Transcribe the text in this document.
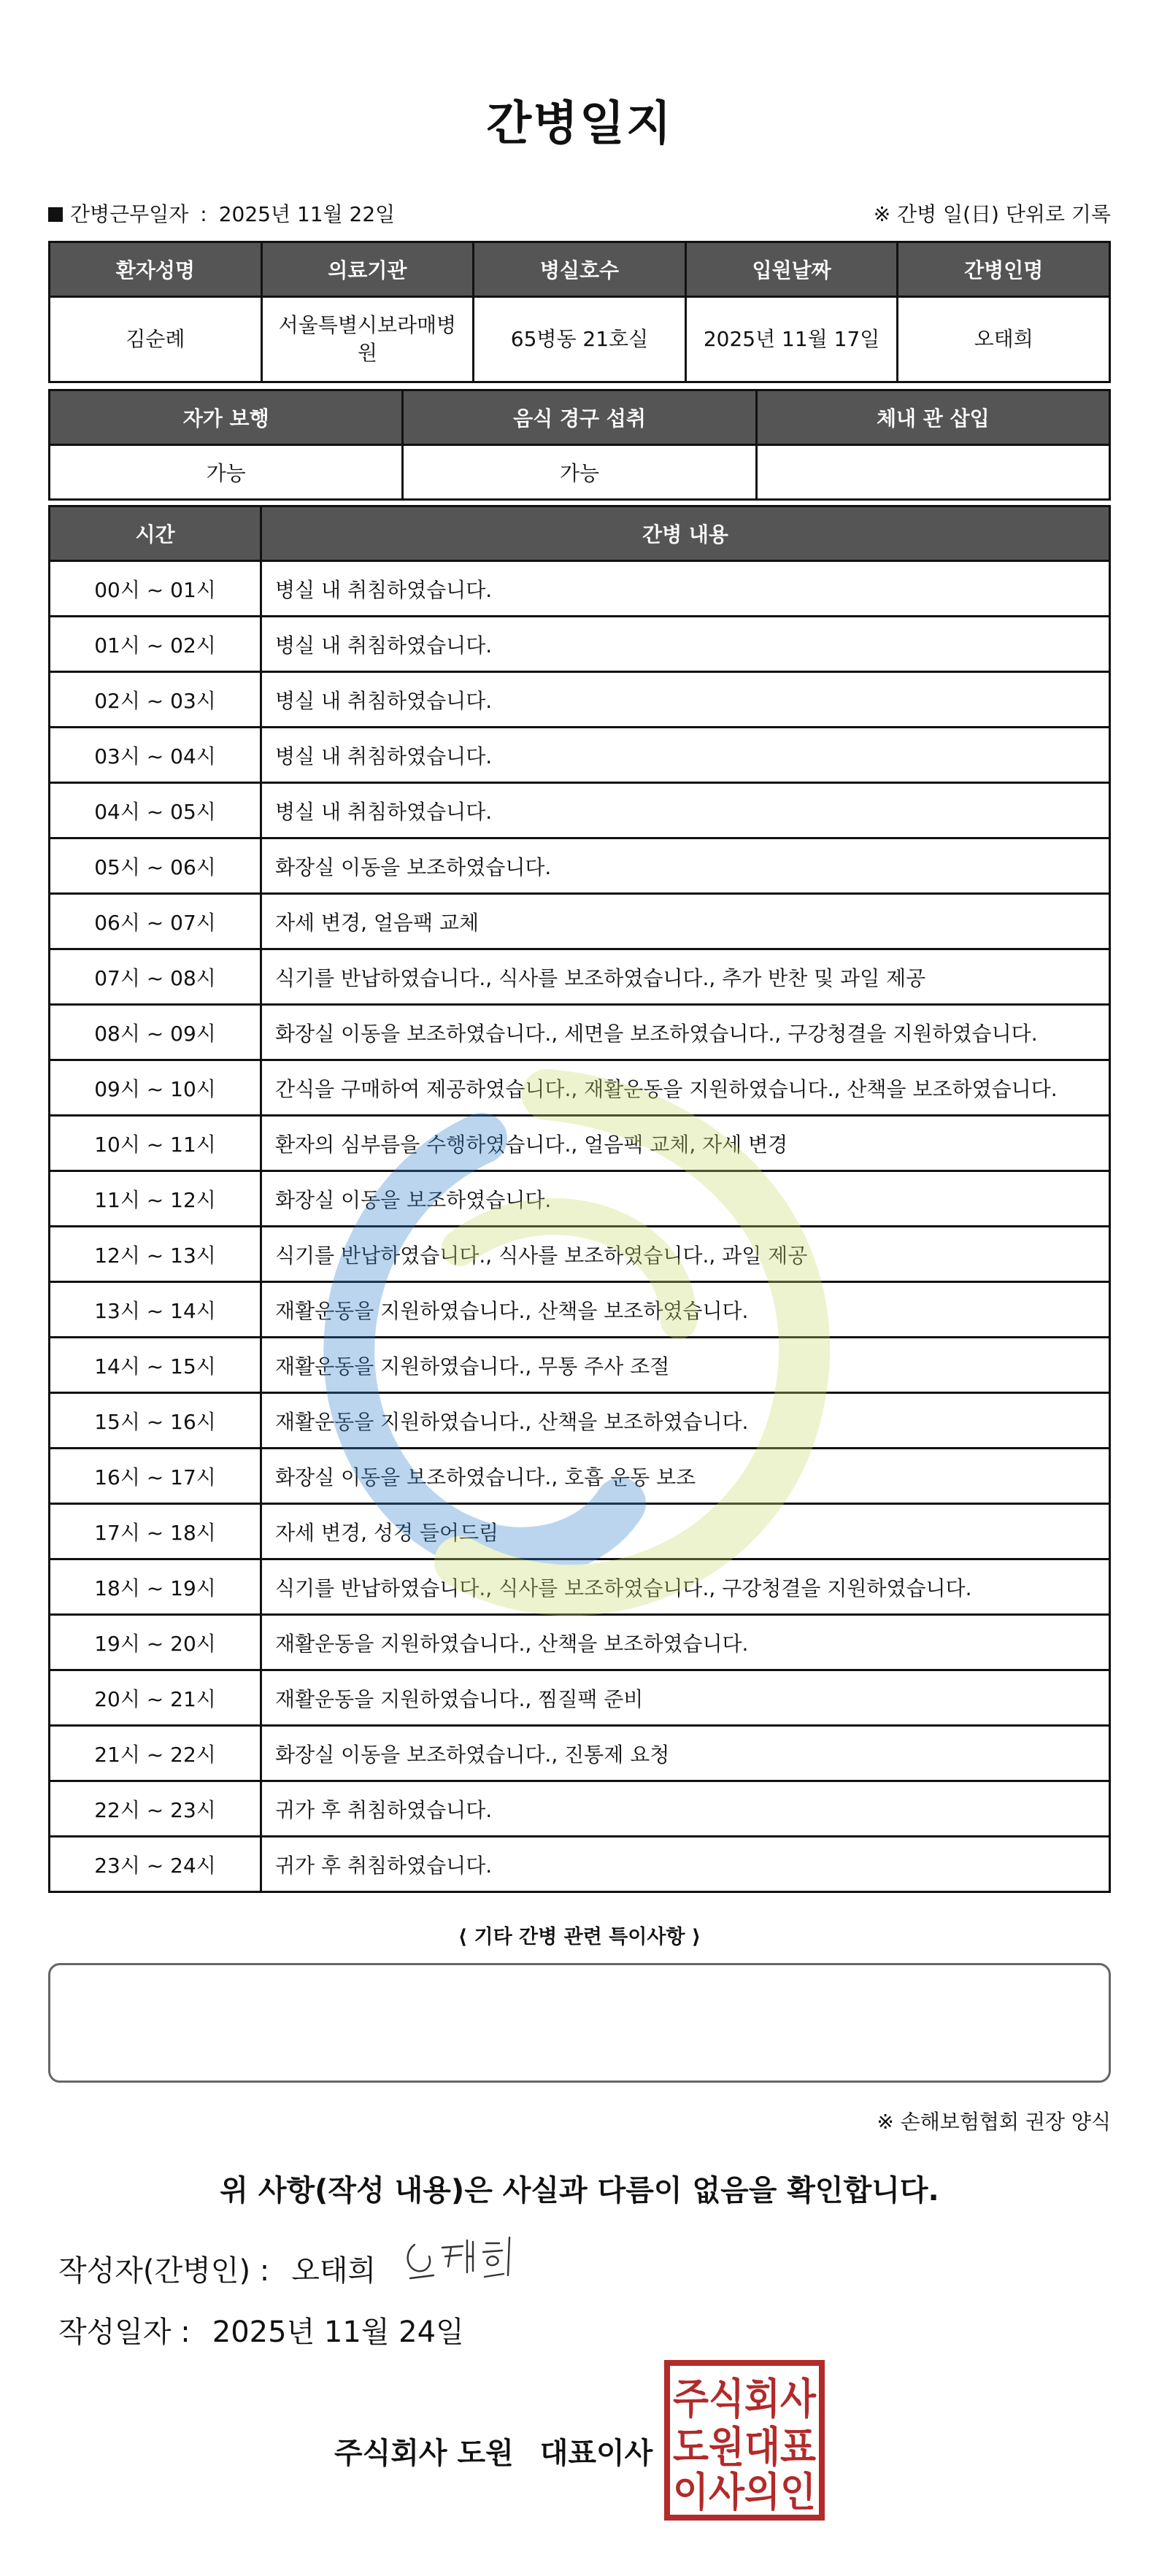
간병일지
간병근무일자 : 2025년 11월 22일	※ 간병 일(日) 단위로 기록
환자성명	의료기관	병실호수	입원날짜	간병인명
김순례	서울특별시보라매병원	65병동 21호실	2025년 11월 17일	오태희
자가 보행	음식 경구 섭취	체내 관 삽입
가능	가능	
시간	간병 내용
00시 ~ 01시	병실 내 취침하였습니다.
01시 ~ 02시	병실 내 취침하였습니다.
02시 ~ 03시	병실 내 취침하였습니다.
03시 ~ 04시	병실 내 취침하였습니다.
04시 ~ 05시	병실 내 취침하였습니다.
05시 ~ 06시	화장실 이동을 보조하였습니다.
06시 ~ 07시	자세 변경, 얼음팩 교체
07시 ~ 08시	식기를 반납하였습니다., 식사를 보조하였습니다., 추가 반찬 및 과일 제공
08시 ~ 09시	화장실 이동을 보조하였습니다., 세면을 보조하였습니다., 구강청결을 지원하였습니다.
09시 ~ 10시	간식을 구매하여 제공하였습니다., 재활운동을 지원하였습니다., 산책을 보조하였습니다.
10시 ~ 11시	환자의 심부름을 수행하였습니다., 얼음팩 교체, 자세 변경
11시 ~ 12시	화장실 이동을 보조하였습니다.
12시 ~ 13시	식기를 반납하였습니다., 식사를 보조하였습니다., 과일 제공
13시 ~ 14시	재활운동을 지원하였습니다., 산책을 보조하였습니다.
14시 ~ 15시	재활운동을 지원하였습니다., 무통 주사 조절
15시 ~ 16시	재활운동을 지원하였습니다., 산책을 보조하였습니다.
16시 ~ 17시	화장실 이동을 보조하였습니다., 호흡 운동 보조
17시 ~ 18시	자세 변경, 성경 들어드림
18시 ~ 19시	식기를 반납하였습니다., 식사를 보조하였습니다., 구강청결을 지원하였습니다.
19시 ~ 20시	재활운동을 지원하였습니다., 산책을 보조하였습니다.
20시 ~ 21시	재활운동을 지원하였습니다., 찜질팩 준비
21시 ~ 22시	화장실 이동을 보조하였습니다., 진통제 요청
22시 ~ 23시	귀가 후 취침하였습니다.
23시 ~ 24시	귀가 후 취침하였습니다.
⟨ 기타 간병 관련 특이사항 ⟩
※ 손해보험협회 권장 양식
위 사항(작성 내용)은 사실과 다름이 없음을 확인합니다.
작성자(간병인) : 오태희
작성일자 : 2025년 11월 24일
주식회사 도원 대표이사
주식회사
도원대표
이사의인
